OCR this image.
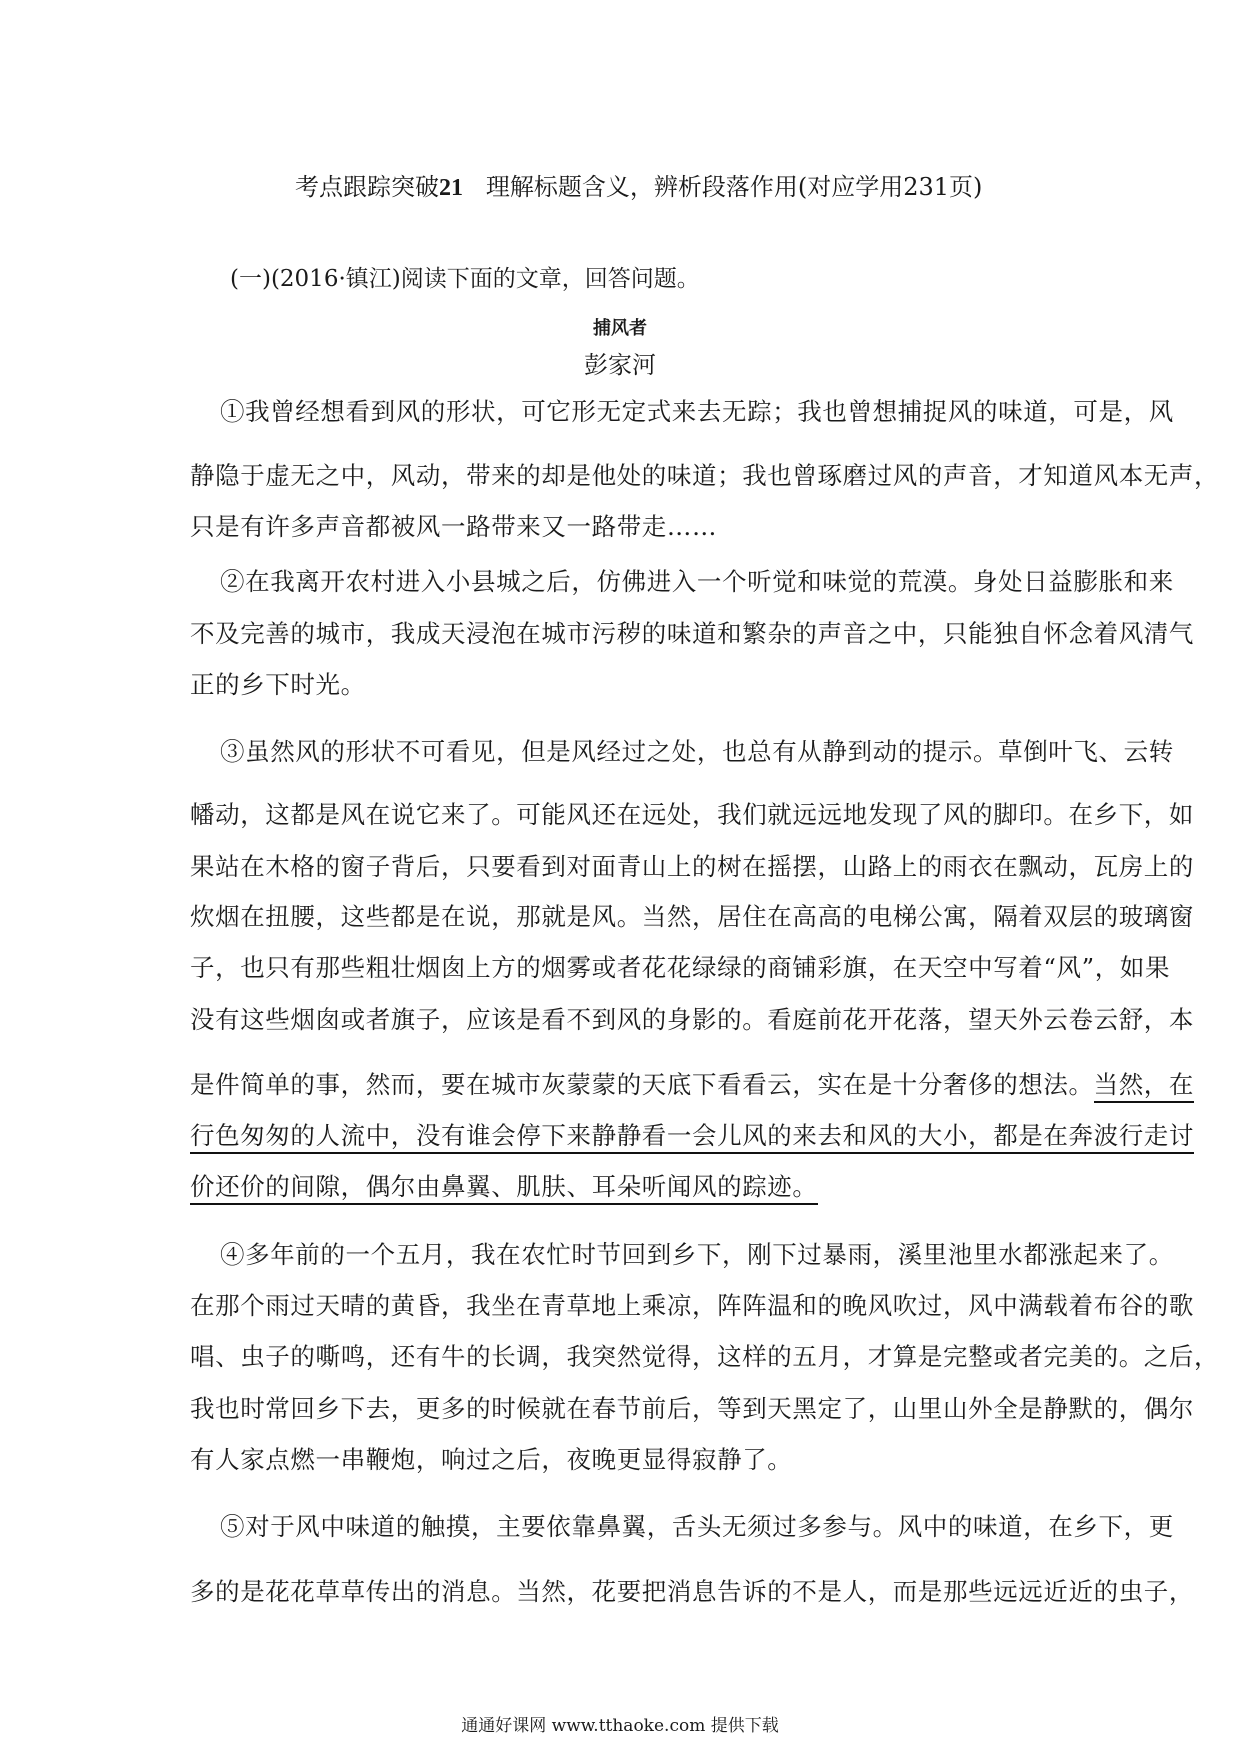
考点跟踪突破21 理解标题含义，辨析段落作用(对应学用231页)
(一)(2016·镇江)阅读下面的文章，回答问题。
捕风者
彭家河
①我曾经想看到风的形状，可它形无定式来去无踪；我也曾想捕捉风的味道，可是，风
静隐于虚无之中，风动，带来的却是他处的味道；我也曾琢磨过风的声音，才知道风本无声，
只是有许多声音都被风一路带来又一路带走……
②在我离开农村进入小县城之后，仿佛进入一个听觉和味觉的荒漠。身处日益膨胀和来
不及完善的城市，我成天浸泡在城市污秽的味道和繁杂的声音之中，只能独自怀念着风清气
正的乡下时光。
③虽然风的形状不可看见，但是风经过之处，也总有从静到动的提示。草倒叶飞、云转
幡动，这都是风在说它来了。可能风还在远处，我们就远远地发现了风的脚印。在乡下，如
果站在木格的窗子背后，只要看到对面青山上的树在摇摆，山路上的雨衣在飘动，瓦房上的
炊烟在扭腰，这些都是在说，那就是风。当然，居住在高高的电梯公寓，隔着双层的玻璃窗
子，也只有那些粗壮烟囱上方的烟雾或者花花绿绿的商铺彩旗，在天空中写着“风”，如果
没有这些烟囱或者旗子，应该是看不到风的身影的。看庭前花开花落，望天外云卷云舒，本
是件简单的事，然而，要在城市灰蒙蒙的天底下看看云，实在是十分奢侈的想法。当然，在
行色匆匆的人流中，没有谁会停下来静静看一会儿风的来去和风的大小，都是在奔波行走讨
价还价的间隙，偶尔由鼻翼、肌肤、耳朵听闻风的踪迹。
④多年前的一个五月，我在农忙时节回到乡下，刚下过暴雨，溪里池里水都涨起来了。
在那个雨过天晴的黄昏，我坐在青草地上乘凉，阵阵温和的晚风吹过，风中满载着布谷的歌
唱、虫子的嘶鸣，还有牛的长调，我突然觉得，这样的五月，才算是完整或者完美的。之后，
我也时常回乡下去，更多的时候就在春节前后，等到天黑定了，山里山外全是静默的，偶尔
有人家点燃一串鞭炮，响过之后，夜晚更显得寂静了。
⑤对于风中味道的触摸，主要依靠鼻翼，舌头无须过多参与。风中的味道，在乡下，更
多的是花花草草传出的消息。当然，花要把消息告诉的不是人，而是那些远远近近的虫子，
通通好课网 www.tthaoke.com 提供下载
